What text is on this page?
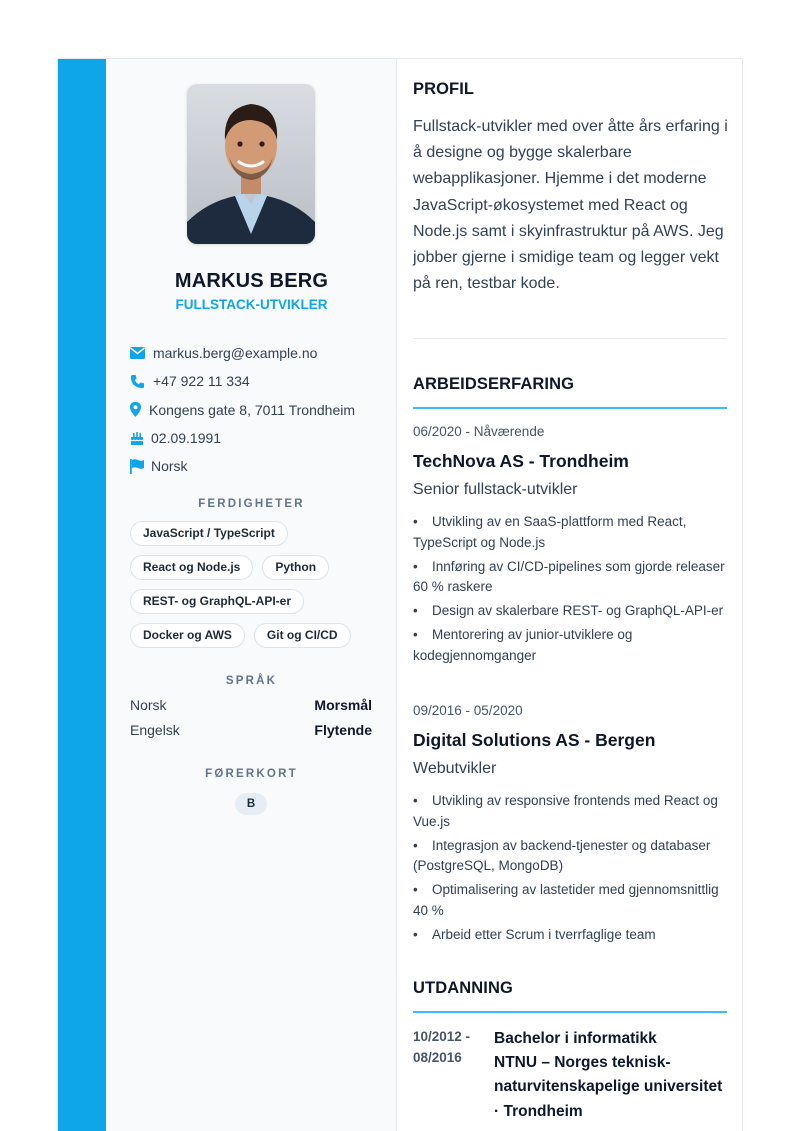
MARKUS BERG
FULLSTACK-UTVIKLER
markus.berg@example.no
+47 922 11 334
Kongens gate 8, 7011 Trondheim
02.09.1991
Norsk
FERDIGHETER
JavaScript / TypeScript
React og Node.js	Python
REST- og GraphQL-API-er
Docker og AWS	Git og CI/CD
SPRÅK
Norsk	Morsmål
Engelsk	Flytende
FØRERKORT
B
PROFIL

Fullstack-utvikler med over åtte års erfaring i å designe og bygge skalerbare webapplikasjoner. Hjemme i det moderne JavaScript-økosystemet med React og Node.js samt i skyinfrastruktur på AWS. Jeg jobber gjerne i smidige team og legger vekt på ren, testbar kode.

ARBEIDSERFARING
06/2020 - Nåværende
TechNova AS - Trondheim
Senior fullstack-utvikler
• Utvikling av en SaaS-plattform med React, TypeScript og Node.js
• Innføring av CI/CD-pipelines som gjorde releaser 60 % raskere
• Design av skalerbare REST- og GraphQL-API-er
• Mentorering av junior-utviklere og kodegjennomganger
09/2016 - 05/2020
Digital Solutions AS - Bergen
Webutvikler
• Utvikling av responsive frontends med React og Vue.js
• Integrasjon av backend-tjenester og databaser (PostgreSQL, MongoDB)
• Optimalisering av lastetider med gjennomsnittlig 40 %
• Arbeid etter Scrum i tverrfaglige team
UTDANNING
10/2012 - 08/2016
Bachelor i informatikk
NTNU – Norges teknisk-naturvitenskapelige universitet · Trondheim
